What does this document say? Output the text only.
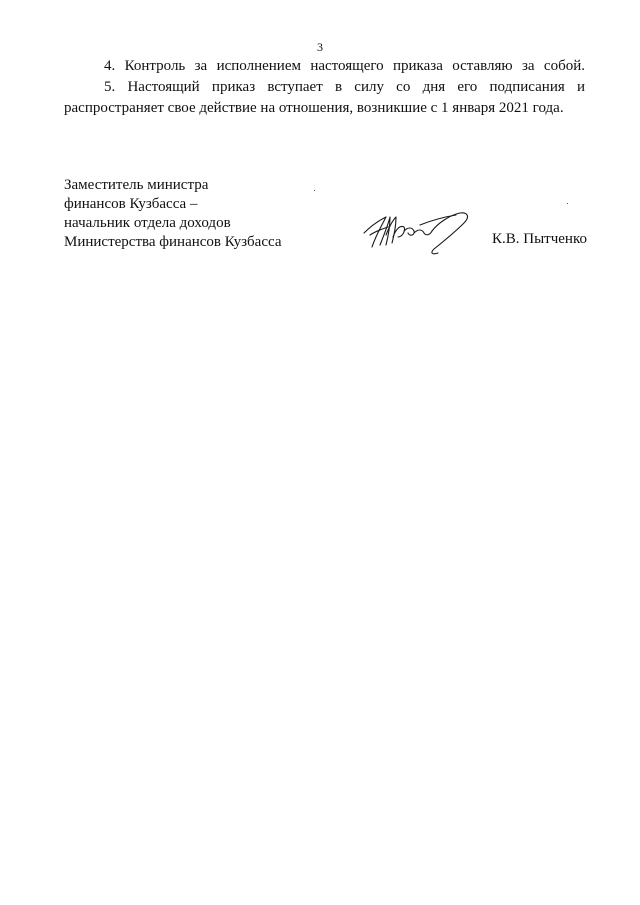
3

4. Контроль за исполнением настоящего приказа оставляю за собой.

5. Настоящий приказ вступает в силу со дня его подписания и распространяет свое действие на отношения, возникшие с 1 января 2021 года.

Заместитель министра
финансов Кузбасса –
начальник отдела доходов
Министерства финансов Кузбасса	К.В. Пытченко
